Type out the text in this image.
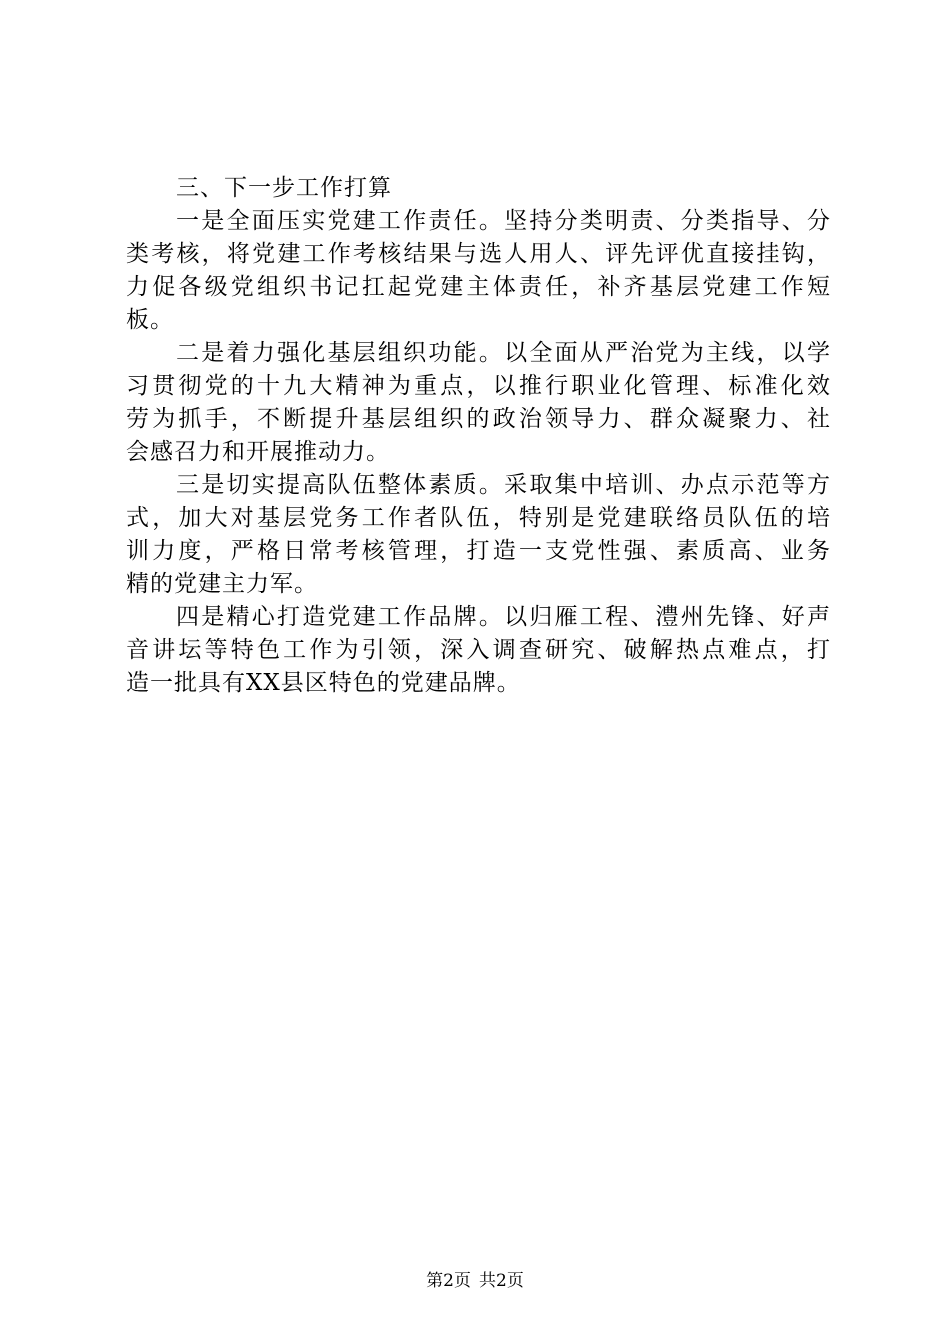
三、下一步工作打算
一是全面压实党建工作责任。坚持分类明责、分类指导、分
类考核，将党建工作考核结果与选人用人、评先评优直接挂钩，
力促各级党组织书记扛起党建主体责任，补齐基层党建工作短
板。
二是着力强化基层组织功能。以全面从严治党为主线，以学
习贯彻党的十九大精神为重点，以推行职业化管理、标准化效
劳为抓手，不断提升基层组织的政治领导力、群众凝聚力、社
会感召力和开展推动力。
三是切实提高队伍整体素质。采取集中培训、办点示范等方
式，加大对基层党务工作者队伍，特别是党建联络员队伍的培
训力度，严格日常考核管理，打造一支党性强、素质高、业务
精的党建主力军。
四是精心打造党建工作品牌。以归雁工程、澧州先锋、好声
音讲坛等特色工作为引领，深入调查研究、破解热点难点，打
造一批具有XX县区特色的党建品牌。
第2页 共2页
